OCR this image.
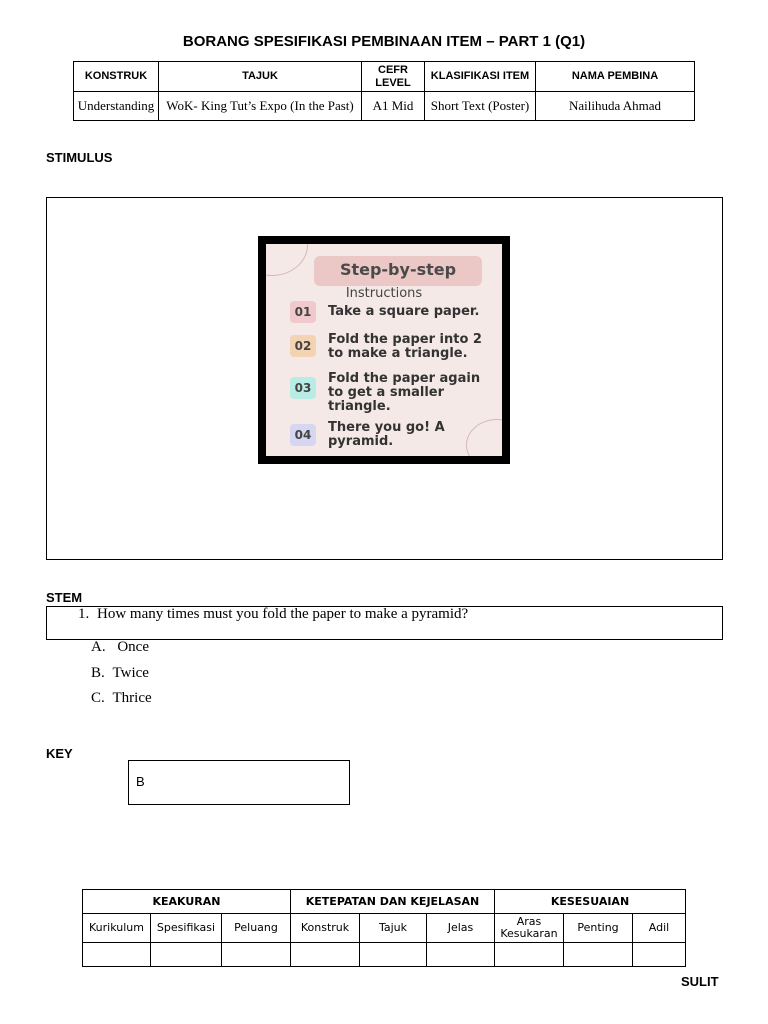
BORANG SPESIFIKASI PEMBINAAN ITEM – PART 1 (Q1)
KONSTRUK	TAJUK	CEFR LEVEL	KLASIFIKASI ITEM	NAMA PEMBINA
Understanding	WoK- King Tut’s Expo (In the Past)	A1 Mid	Short Text (Poster)	Nailihuda Ahmad
STIMULUS
Step-by-step
Instructions
01	Take a square paper.
02	Fold the paper into 2 to make a triangle.
03
Fold the paper again to get a smaller triangle.
04	There you go! A pyramid.
STEM
1. How many times must you fold the paper to make a pyramid?
A. Once
B. Twice
C. Thrice
KEY
B
KEAKURAN			KETEPATAN DAN KEJELASAN			KESESUAIAN		
Kurikulum	Spesifikasi	Peluang	Konstruk	Tajuk	Jelas	Aras Kesukaran	Penting	Adil

SULIT
